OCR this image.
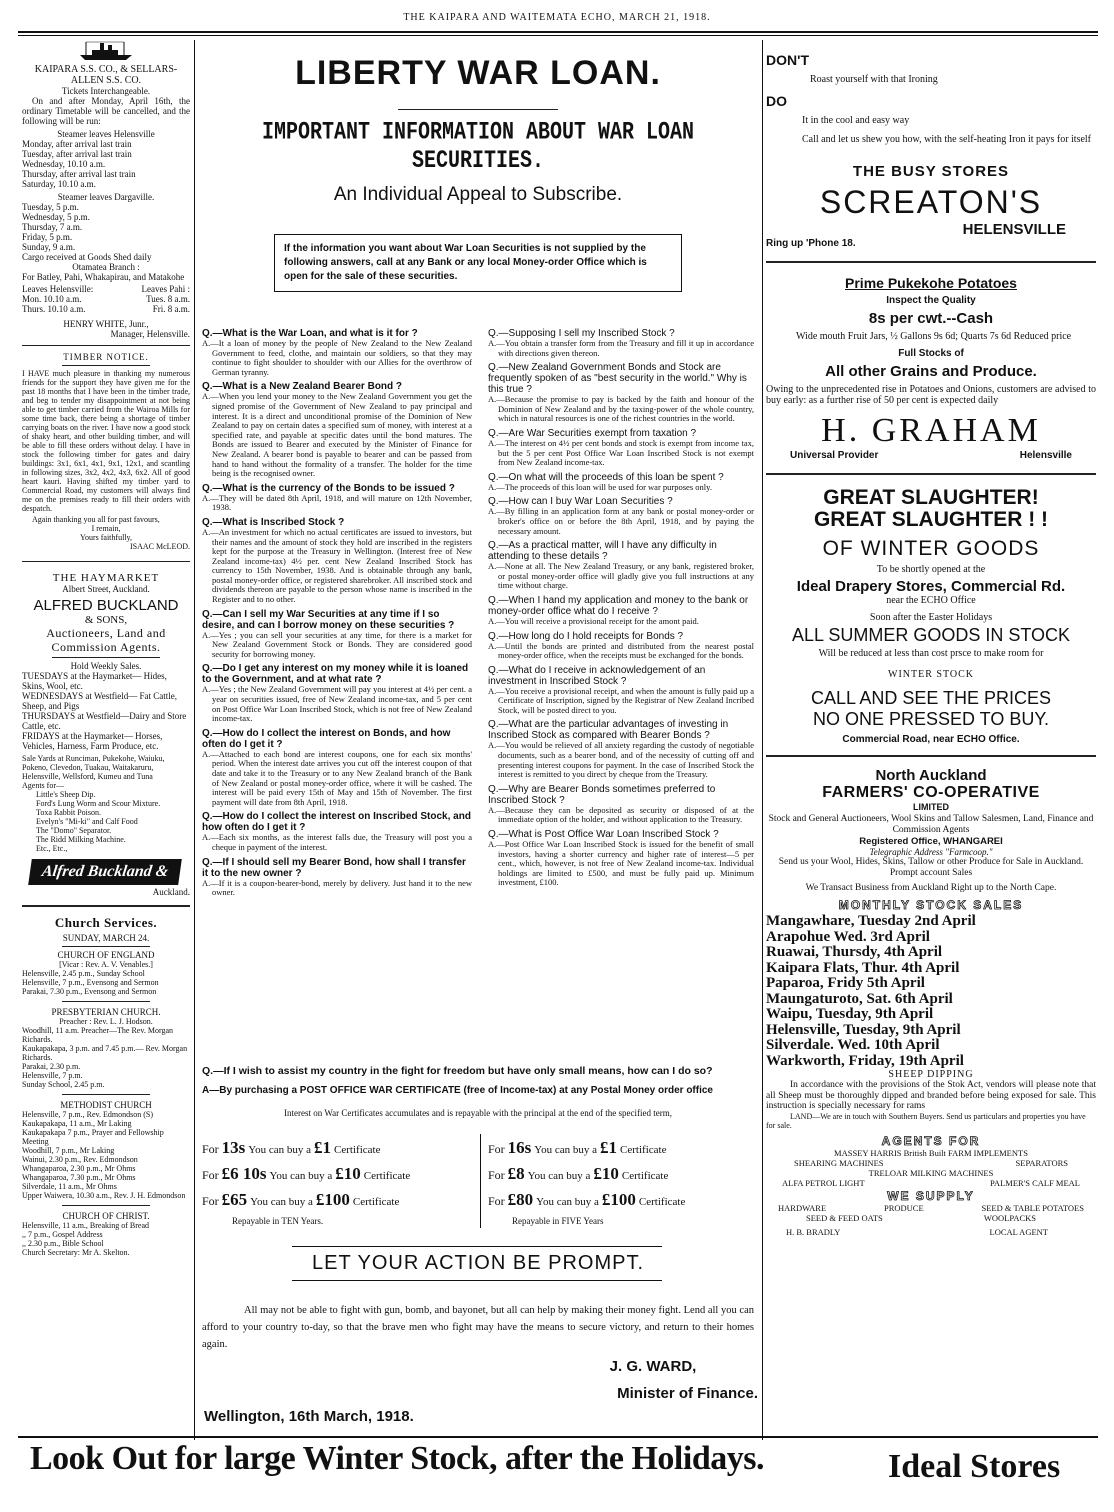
THE KAIPARA AND WAITEMATA ECHO, MARCH 21, 1918.
KAIPARA S.S. CO., & SELLARS-ALLEN S.S. CO.
Tickets Interchangeable.
On and after Monday, April 16th, the ordinary Timetable will be cancelled, and the following will be run:
Steamer leaves Helensville
Monday, after arrival last train
Tuesday, after arrival last train
Wednesday, 10.10 a.m.
Thursday, after arrival last train
Saturday, 10.10 a.m.
Steamer leaves Dargaville.
Tuesday, 5 p.m.
Wednesday, 5 p.m.
Thursday, 7 a.m.
Friday, 5 p.m.
Sunday, 9 a.m.
Cargo received at Goods Shed daily
Otamatea Branch :
For Batley, Pahi, Whakapirau, and Matakohe
Leaves Helensville:	Leaves Pahi :
Mon. 10.10 a.m.	Tues. 8 a.m.
Thurs. 10.10 a.m.	Fri. 8 a.m.
HENRY WHITE, Junr.,
Manager, Helensville.
TIMBER NOTICE.
I HAVE much pleasure in thanking my numerous friends for the support they have given me for the past 18 months that I have been in the timber trade, and beg to tender my disappointment at not being able to get timber carried from the Wairoa Mills for some time back, there being a shortage of timber carrying boats on the river. I have now a good stock of shaky heart, and other building timber, and will be able to fill these orders without delay. I have in stock the following timber for gates and dairy buildings: 3x1, 6x1, 4x1, 9x1, 12x1, and scantling in following sizes, 3x2, 4x2, 4x3, 6x2. All of good heart kauri. Having shifted my timber yard to Commercial Road, my customers will always find me on the premises ready to fill their orders with despatch.
Again thanking you all for past favours,
I remain,
Yours faithfully,
ISAAC McLEOD.
THE HAYMARKET
Albert Street, Auckland.
ALFRED BUCKLAND
& SONS,
Auctioneers, Land and Commission Agents.
Hold Weekly Sales.
TUESDAYS at the Haymarket— Hides, Skins, Wool, etc.
WEDNESDAYS at Westfield— Fat Cattle, Sheep, and Pigs
THURSDAYS at Westfield—Dairy and Store Cattle, etc.
FRIDAYS at the Haymarket— Horses, Vehicles, Harness, Farm Produce, etc.
Sale Yards at Runciman, Pukekohe, Waiuku, Pokeno, Clevedon, Tuakau, Waitakaruru, Helensville, Wellsford, Kumeu and Tuna
Agents for—
Little's Sheep Dip.
Ford's Lung Worm and Scour Mixture.
Toxa Rabbit Poison.
Evelyn's "Mi-ki" and Calf Food
The "Domo" Separator.
The Ridd Milking Machine.
Etc., Etc.,
Alfred Buckland & Sons	Auckland.
Church Services.
SUNDAY, MARCH 24.
CHURCH OF ENGLAND
[Vicar : Rev. A. V. Venables.]
Helensville, 2.45 p.m., Sunday School
Helensville, 7 p.m., Evensong and Sermon
Parakai, 7.30 p.m., Evensong and Sermon
PRESBYTERIAN CHURCH.
Preacher : Rev. L. J. Hodson.
Woodhill, 11 a.m. Preacher—The Rev. Morgan Richards.
Kaukapakapa, 3 p.m. and 7.45 p.m.— Rev. Morgan Richards.
Parakai, 2.30 p.m.
Helensville, 7 p.m.
Sunday School, 2.45 p.m.
METHODIST CHURCH
Helensville, 7 p.m., Rev. Edmondson (S)
Kaukapakapa, 11 a.m., Mr Laking
Kaukapakapa 7 p.m., Prayer and Fellowship Meeting
Woodhill, 7 p.m., Mr Laking
Wainui, 2.30 p.m., Rev. Edmondson
Whangaparoa, 2.30 p.m., Mr Ohms
Whangaparoa, 7.30 p.m., Mr Ohms
Silverdale, 11 a.m., Mr Ohms
Upper Waiwera, 10.30 a.m., Rev. J. H. Edmondson
CHURCH OF CHRIST.
Helensville, 11 a.m., Breaking of Bread
,, 7 p.m., Gospel Address
,, 2.30 p.m., Bible School
Church Secretary: Mr A. Skelton.
LIBERTY WAR LOAN.
IMPORTANT INFORMATION ABOUT WAR LOAN SECURITIES.
An Individual Appeal to Subscribe.
If the information you want about War Loan Securities is not supplied by the following answers, call at any Bank or any local Money-order Office which is open for the sale of these securities.
Q.—What is the War Loan, and what is it for ?
A.—It a loan of money by the people of New Zealand to the New Zealand Government to feed, clothe, and maintain our soldiers, so that they may continue to fight shoulder to shoulder with our Allies for the overthrow of German tyranny.
Q.—What is a New Zealand Bearer Bond ?
A.—When you lend your money to the New Zealand Government you get the signed promise of the Government of New Zealand to pay principal and interest. It is a direct and unconditional promise of the Dominion of New Zealand to pay on certain dates a specified sum of money, with interest at a specified rate, and payable at specific dates until the bond matures. The Bonds are issued to Bearer and executed by the Minister of Finance for New Zealand. A bearer bond is payable to bearer and can be passed from hand to hand without the formality of a transfer. The holder for the time being is the recognised owner.
Q.—What is the currency of the Bonds to be issued ?
A.—They will be dated 8th April, 1918, and will mature on 12th November, 1938.
Q.—What is Inscribed Stock ?
A.—An investment for which no actual certificates are issued to investors, but their names and the amount of stock they hold are inscribed in the registers kept for the purpose at the Treasury in Wellington. (Interest free of New Zealand income-tax) 4½ per. cent New Zealand Inscribed Stock has currency to 15th November, 1938. And is obtainable through any bank, postal money-order office, or registered sharebroker. All inscribed stock and dividends thereon are payable to the person whose name is inscribed in the Register and to no other.
Q.—Can I sell my War Securities at any time if I so desire, and can I borrow money on these securities ?
A.—Yes ; you can sell your securities at any time, for there is a market for New Zealand Government Stock or Bonds. They are considered good security for borrowing money.
Q.—Do I get any interest on my money while it is loaned to the Government, and at what rate ?
A.—Yes ; the New Zealand Government will pay you interest at 4½ per cent. a year on securities issued, free of New Zealand income-tax, and 5 per cent on Post Office War Loan Inscribed Stock, which is not free of New Zealand income-tax.
Q.—How do I collect the interest on Bonds, and how often do I get it ?
A.—Attached to each bond are interest coupons, one for each six months' period. When the interest date arrives you cut off the interest coupon of that date and take it to the Treasury or to any New Zealand branch of the Bank of New Zealand or postal money-order office, where it will be cashed. The interest will be paid every 15th of May and 15th of November. The first payment will date from 8th April, 1918.
Q.—How do I collect the interest on Inscribed Stock, and how often do I get it ?
A.—Each six months, as the interest falls due, the Treasury will post you a cheque in payment of the interest.
Q.—If I should sell my Bearer Bond, how shall I transfer it to the new owner ?
A.—If it is a coupon-bearer-bond, merely by delivery. Just hand it to the new owner.
Q.—Supposing I sell my Inscribed Stock ?
A.—You obtain a transfer form from the Treasury and fill it up in accordance with directions given thereon.
Q.—New Zealand Government Bonds and Stock are frequently spoken of as "best security in the world." Why is this true ?
A.—Because the promise to pay is backed by the faith and honour of the Dominion of New Zealand and by the taxing-power of the whole country, which in natural resources is one of the richest countries in the world.
Q.—Are War Securities exempt from taxation ?
A.—The interest on 4½ per cent bonds and stock is exempt from income tax, but the 5 per cent Post Office War Loan Inscribed Stock is not exempt from New Zealand income-tax.
Q.—On what will the proceeds of this loan be spent ?
A.—The proceeds of this loan will be used for war purposes only.
Q.—How can I buy War Loan Securities ?
A.—By filling in an application form at any bank or postal money-order or broker's office on or before the 8th April, 1918, and by paying the necessary amount.
Q.—As a practical matter, will I have any difficulty in attending to these details ?
A.—None at all. The New Zealand Treasury, or any bank, registered broker, or postal money-order office will gladly give you full instructions at any time without charge.
Q.—When I hand my application and money to the bank or money-order office what do I receive ?
A.—You will receive a provisional receipt for the amont paid.
Q.—How long do I hold receipts for Bonds ?
A.—Until the bonds are printed and distributed from the nearest postal money-order office, when the receipts must be exchanged for the bonds.
Q.—What do I receive in acknowledgement of an investment in Inscribed Stock ?
A.—You receive a provisional receipt, and when the amount is fully paid up a Certificate of Inscription, signed by the Registrar of New Zealand Incribed Stock, will be posted direct to you.
Q.—What are the particular advantages of investing in Inscribed Stock as compared with Bearer Bonds ?
A.—You would be relieved of all anxiety regarding the custody of negotiable documents, such as a bearer bond, and of the necessity of cutting off and presenting interest coupons for payment. In the case of Inscribed Stock the interest is remitted to you direct by cheque from the Treasury.
Q.—Why are Bearer Bonds sometimes preferred to Inscribed Stock ?
A.—Because they can be deposited as security or disposed of at the immediate option of the holder, and without application to the Treasury.
Q.—What is Post Office War Loan Inscribed Stock ?
A.—Post Office War Loan Inscribed Stock is issued for the benefit of small investors, having a shorter currency and higher rate of interest—5 per cent., which, however, is not free of New Zealand income-tax. Individual holdings are limited to £500, and must be fully paid up. Minimum investment, £100.
Q.—If I wish to assist my country in the fight for freedom but have only small means, how can I do so?
A—By purchasing a POST OFFICE WAR CERTIFICATE (free of Income-tax) at any Postal Money order office
Interest on War Certificates accumulates and is repayable with the principal at the end of the specified term,
For 13s You can buy a £1 Certificate
For £6 10s You can buy a £10 Certificate
For £65 You can buy a £100 Certificate
Repayable in TEN Years.
For 16s You can buy a £1 Certificate
For £8 You can buy a £10 Certificate
For £80 You can buy a £100 Certificate
Repayable in FIVE Years
LET YOUR ACTION BE PROMPT.
All may not be able to fight with gun, bomb, and bayonet, but all can help by making their money fight. Lend all you can afford to your country to-day, so that the brave men who fight may have the means to secure victory, and return to their homes again.
J. G. WARD,
Minister of Finance.
Wellington, 16th March, 1918.
DON'T
Roast yourself with that Ironing
DO
It in the cool and easy way
Call and let us shew you how, with the self-heating Iron it pays for itself
THE BUSY STORES
SCREATON'S
HELENSVILLE
Ring up 'Phone 18.
Prime Pukekohe Potatoes
Inspect the Quality
8s per cwt.--Cash
Wide mouth Fruit Jars, ½ Gallons 9s 6d; Quarts 7s 6d Reduced price
Full Stocks of
All other Grains and Produce.
Owing to the unprecedented rise in Potatoes and Onions, customers are advised to buy early: as a further rise of 50 per cent is expected daily
H. GRAHAM
Universal Provider	Helensville
GREAT SLAUGHTER!
GREAT SLAUGHTER ! !
OF WINTER GOODS
To be shortly opened at the
Ideal Drapery Stores, Commercial Rd.
near the ECHO Office
Soon after the Easter Holidays
ALL SUMMER GOODS IN STOCK
Will be reduced at less than cost prsce to make room for
WINTER STOCK
CALL AND SEE THE PRICES
NO ONE PRESSED TO BUY.
Commercial Road, near ECHO Office.
North Auckland
FARMERS' CO-OPERATIVE
LIMITED
Stock and General Auctioneers, Wool Skins and Tallow Salesmen, Land, Finance and Commission Agents
Registered Office, WHANGAREI
Telegraphic Address "Farmcoop."
Send us your Wool, Hides, Skins, Tallow or other Produce for Sale in Auckland. Prompt account Sales
We Transact Business from Auckland Right up to the North Cape.
MONTHLY STOCK SALES
Mangawhare, Tuesday 2nd April
Arapohue Wed. 3rd April
Ruawai, Thursdy, 4th April
Kaipara Flats, Thur. 4th April
Paparoa, Fridy 5th April
Maungaturoto, Sat. 6th April
Waipu, Tuesday, 9th April
Helensville, Tuesday, 9th April
Silverdale. Wed. 10th April
Warkworth, Friday, 19th April
SHEEP DIPPING
In accordance with the provisions of the Stok Act, vendors will please note that all Sheep must be thoroughly dipped and branded before being exposed for sale. This instruction is specially necessary for rams
LAND—We are in touch with Southern Buyers. Send us particulars and properties you have for sale.
AGENTS FOR
MASSEY HARRIS British Built FARM IMPLEMENTS
SHEARING MACHINES	SEPARATORS
TRELOAR MILKING MACHINES
ALFA PETROL LIGHT	PALMER'S CALF MEAL
WE SUPPLY
HARDWARE	PRODUCE	SEED & TABLE POTATOES
SEED & FEED OATS	WOOLPACKS
H. B. BRADLY	LOCAL AGENT
Look Out for large Winter Stock, after the Holidays.	Ideal Stores
